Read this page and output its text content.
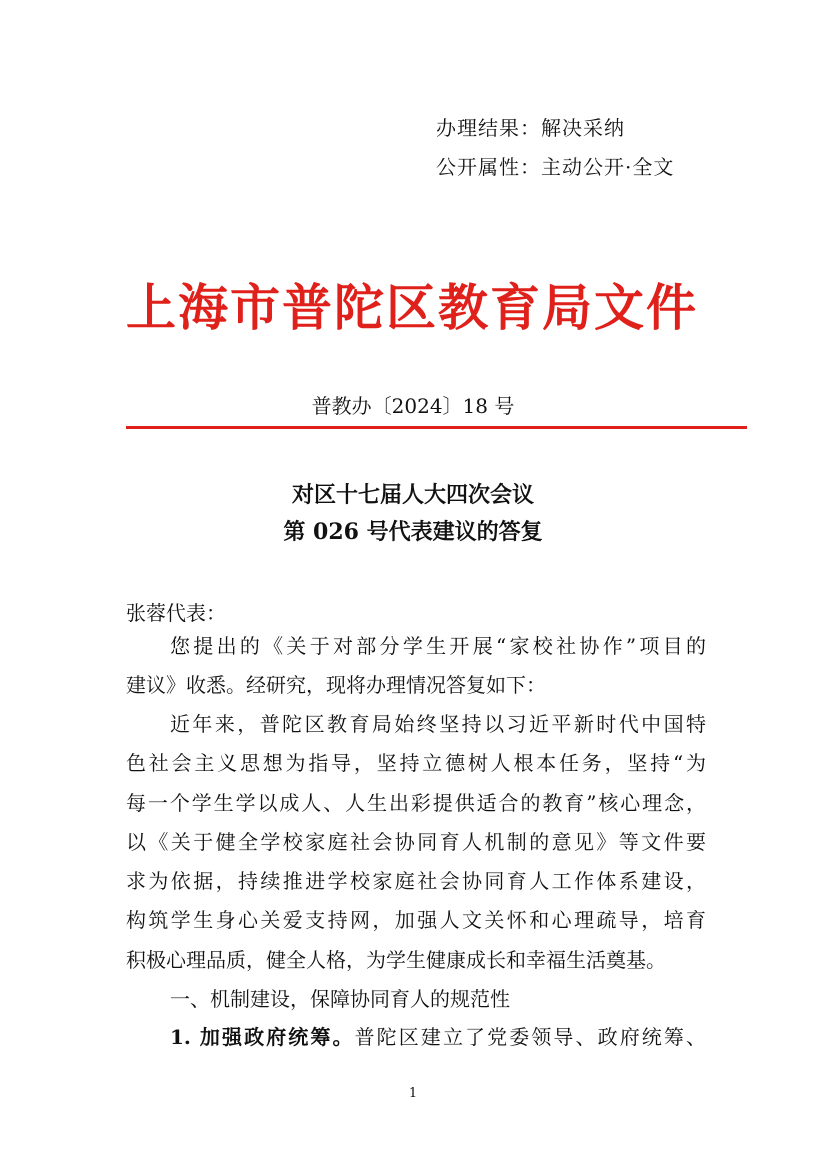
办理结果：解决采纳
公开属性：主动公开·全文
上海市普陀区教育局文件
普教办〔2024〕18 号
对区十七届人大四次会议
第 026 号代表建议的答复

张蓉代表：

您提出的《关于对部分学生开展“家校社协作”项目的

建议》收悉。经研究，现将办理情况答复如下：

近年来，普陀区教育局始终坚持以习近平新时代中国特

色社会主义思想为指导，坚持立德树人根本任务，坚持“为

每一个学生学以成人、人生出彩提供适合的教育”核心理念，

以《关于健全学校家庭社会协同育人机制的意见》等文件要

求为依据，持续推进学校家庭社会协同育人工作体系建设，

构筑学生身心关爱支持网，加强人文关怀和心理疏导，培育

积极心理品质，健全人格，为学生健康成长和幸福生活奠基。

一、机制建设，保障协同育人的规范性

1. 加强政府统筹。普陀区建立了党委领导、政府统筹、

1
